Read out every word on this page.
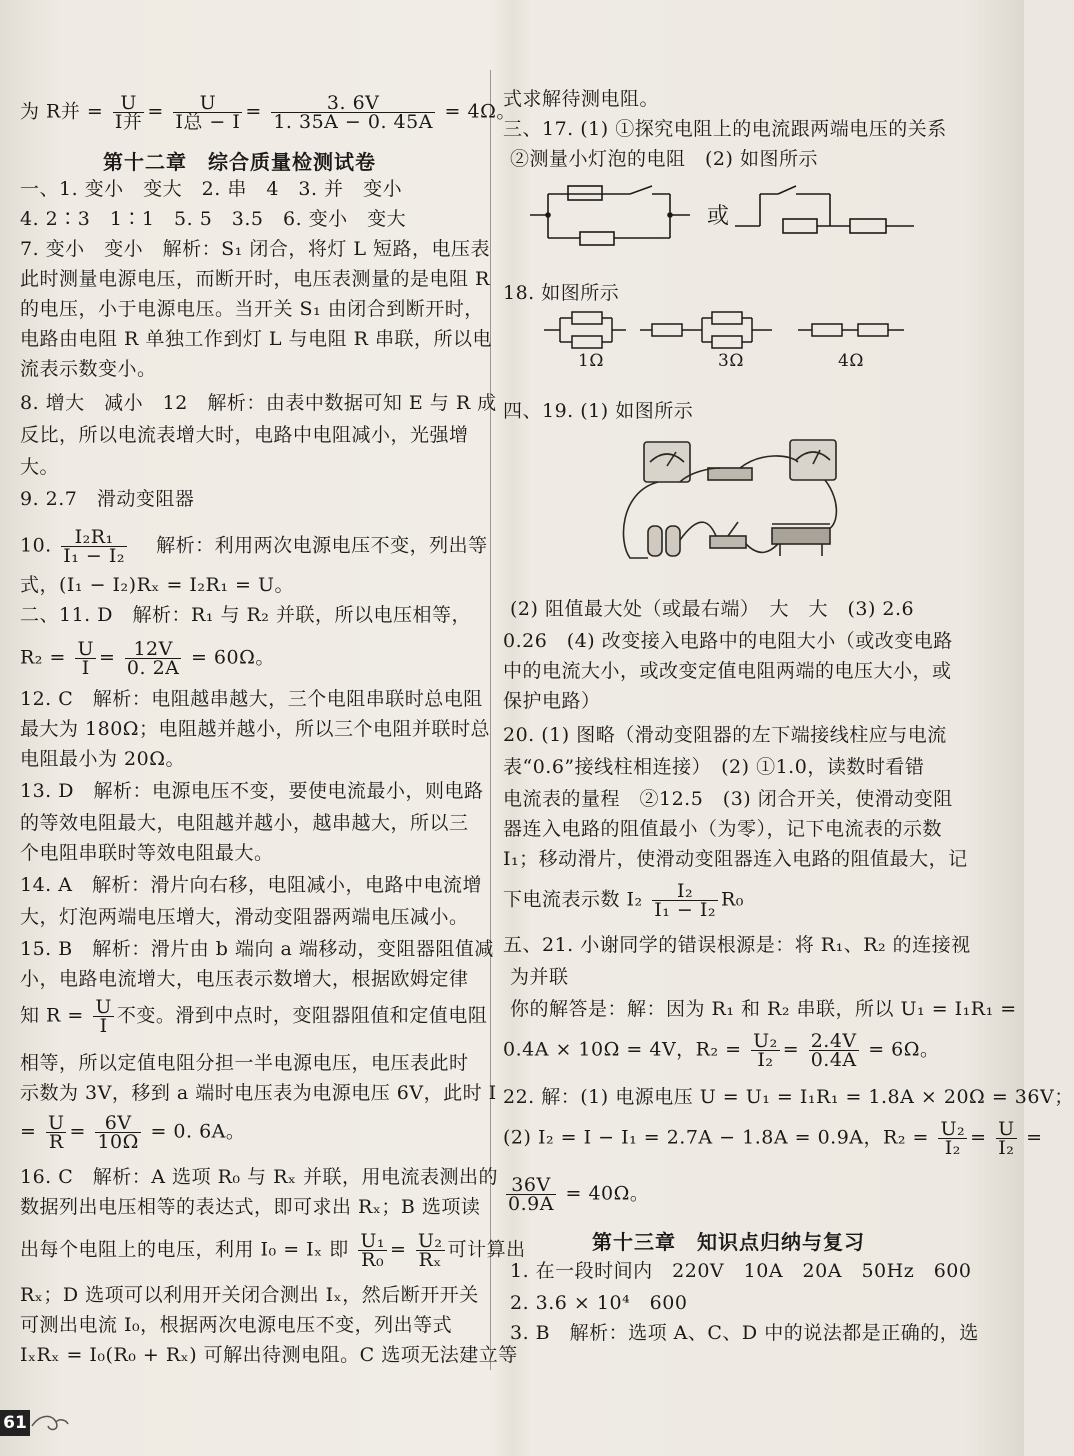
为 R并 = $\frac{U}{\text{I并}} = \frac{U}{\text{I总 − I}} = \frac{3. 6V}{1. 35A - 0. 45A} = 4\Omega$。
第十二章　综合质量检测试卷
一、1. 变小　变大　2. 串　4　3. 并　变小
4. 2∶3　1∶1　5. 5　3.5　6. 变小　变大
7. 变小　变小　解析：S₁ 闭合，将灯 L 短路，电压表
此时测量电源电压，而断开时，电压表测量的是电阻 R
的电压，小于电源电压。当开关 S₁ 由闭合到断开时，
电路由电阻 R 单独工作到灯 L 与电阻 R 串联，所以电
流表示数变小。
8. 增大　减小　12　解析：由表中数据可知 E 与 R 成
反比，所以电流表增大时，电路中电阻减小，光强增
大。
9. 2.7　滑动变阻器
10. $\frac{\text{I₂R₁}}{\text{I₁ − I₂}}$ 　解析：利用两次电源电压不变，列出等
式，(I₁ − I₂)Rₓ = I₂R₁ = U。
二、11. D　解析：R₁ 与 R₂ 并联，所以电压相等，
$R_2 = \frac{U}{I} = \frac{12V}{0. 2A} = 60\Omega$。
12. C　解析：电阻越串越大，三个电阻串联时总电阻
最大为 180Ω；电阻越并越小，所以三个电阻并联时总
电阻最小为 20Ω。
13. D　解析：电源电压不变，要使电流最小，则电路
的等效电阻最大，电阻越并越小，越串越大，所以三
个电阻串联时等效电阻最大。
14. A　解析：滑片向右移，电阻减小，电路中电流增
大，灯泡两端电压增大，滑动变阻器两端电压减小。
15. B　解析：滑片由 b 端向 a 端移动，变阻器阻值减
小，电路电流增大，电压表示数增大，根据欧姆定律
知 $R = \frac{U}{I}$ 不变。滑到中点时，变阻器阻值和定值电阻
相等，所以定值电阻分担一半电源电压，电压表此时
示数为 3V，移到 a 端时电压表为电源电压 6V，此时 I
= $\frac{U}{R} = \frac{6V}{10\Omega} = 0$. 6A。
16. C　解析：A 选项 R₀ 与 Rₓ 并联，用电流表测出的
数据列出电压相等的表达式，即可求出 Rₓ；B 选项读
出每个电阻上的电压，利用 I₀ = Iₓ 即 $\frac{\text{U₁}}{\text{R₀}} = \frac{\text{U₂}}{\text{Rₓ}}$ 可计算出
Rₓ；D 选项可以利用开关闭合测出 Iₓ，然后断开开关
可测出电流 I₀，根据两次电源电压不变，列出等式
IₓRₓ = I₀(R₀ + Rₓ) 可解出待测电阻。C 选项无法建立等
式求解待测电阻。
三、17. (1) ①探究电阻上的电流跟两端电压的关系
②测量小灯泡的电阻　(2) 如图所示
或
18. 如图所示
1Ω	3Ω	4Ω
四、19. (1) 如图所示
(2) 阻值最大处（或最右端）　大　大　(3) 2.6
0.26　(4) 改变接入电路中的电阻大小（或改变电路
中的电流大小，或改变定值电阻两端的电压大小，或
保护电路）
20. (1) 图略（滑动变阻器的左下端接线柱应与电流
表“0.6”接线柱相连接）　(2) ①1.0，读数时看错
电流表的量程　②12.5　(3) 闭合开关，使滑动变阻
器连入电路的阻值最小（为零），记下电流表的示数
I₁；移动滑片，使滑动变阻器连入电路的阻值最大，记
下电流表示数 $I_2 \frac{\text{I₂}}{\text{I₁ − I₂}} R_0$
五、21. 小谢同学的错误根源是：将 R₁、R₂ 的连接视
为并联
你的解答是：解：因为 R₁ 和 R₂ 串联，所以 U₁ = I₁R₁ =
0.4A × 10Ω = 4V，$R_2 = \frac{\text{U₂}}{\text{I₂}} = \frac{2.4V}{0.4A} = 6\Omega$。
22. 解：(1) 电源电压 U = U₁ = I₁R₁ = 1.8A × 20Ω = 36V；
(2) I₂ = I − I₁ = 2.7A − 1.8A = 0.9A，$R_2 = \frac{\text{U₂}}{\text{I₂}} = \frac{U}{\text{I₂}}$ =
$\frac{36V}{0.9A} = 40\Omega$。
第十三章　知识点归纳与复习
1. 在一段时间内　220V　10A　20A　50Hz　600
2. 3.6 × 10⁴　600
3. B　解析：选项 A、C、D 中的说法都是正确的，选
61
